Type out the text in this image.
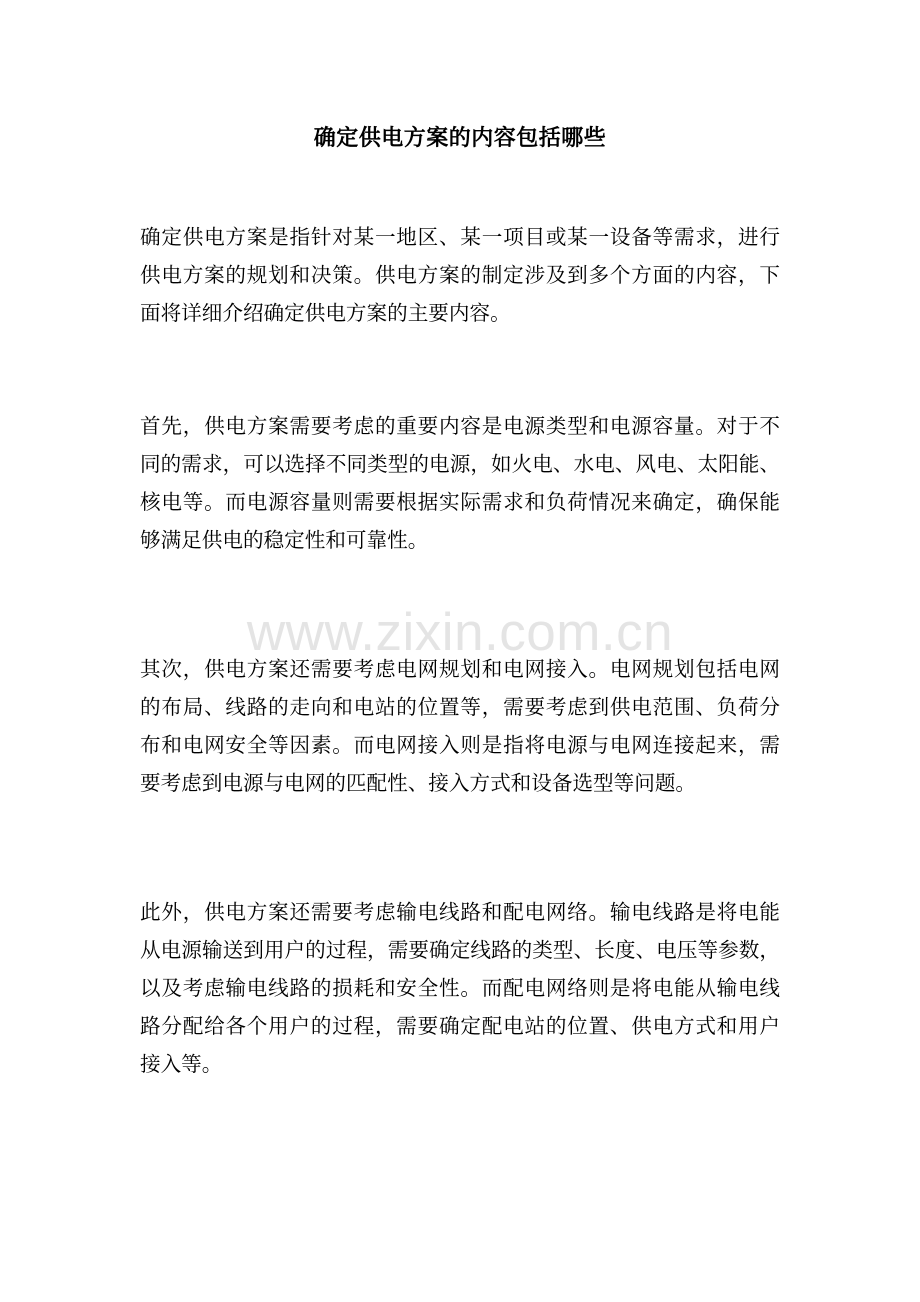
www.zixin.com.cn
确定供电方案的内容包括哪些
确定供电方案是指针对某一地区、某一项目或某一设备等需求，进行
供电方案的规划和决策。供电方案的制定涉及到多个方面的内容，下
面将详细介绍确定供电方案的主要内容。
首先，供电方案需要考虑的重要内容是电源类型和电源容量。对于不
同的需求，可以选择不同类型的电源，如火电、水电、风电、太阳能、
核电等。而电源容量则需要根据实际需求和负荷情况来确定，确保能
够满足供电的稳定性和可靠性。
其次，供电方案还需要考虑电网规划和电网接入。电网规划包括电网
的布局、线路的走向和电站的位置等，需要考虑到供电范围、负荷分
布和电网安全等因素。而电网接入则是指将电源与电网连接起来，需
要考虑到电源与电网的匹配性、接入方式和设备选型等问题。
此外，供电方案还需要考虑输电线路和配电网络。输电线路是将电能
从电源输送到用户的过程，需要确定线路的类型、长度、电压等参数，
以及考虑输电线路的损耗和安全性。而配电网络则是将电能从输电线
路分配给各个用户的过程，需要确定配电站的位置、供电方式和用户
接入等。
